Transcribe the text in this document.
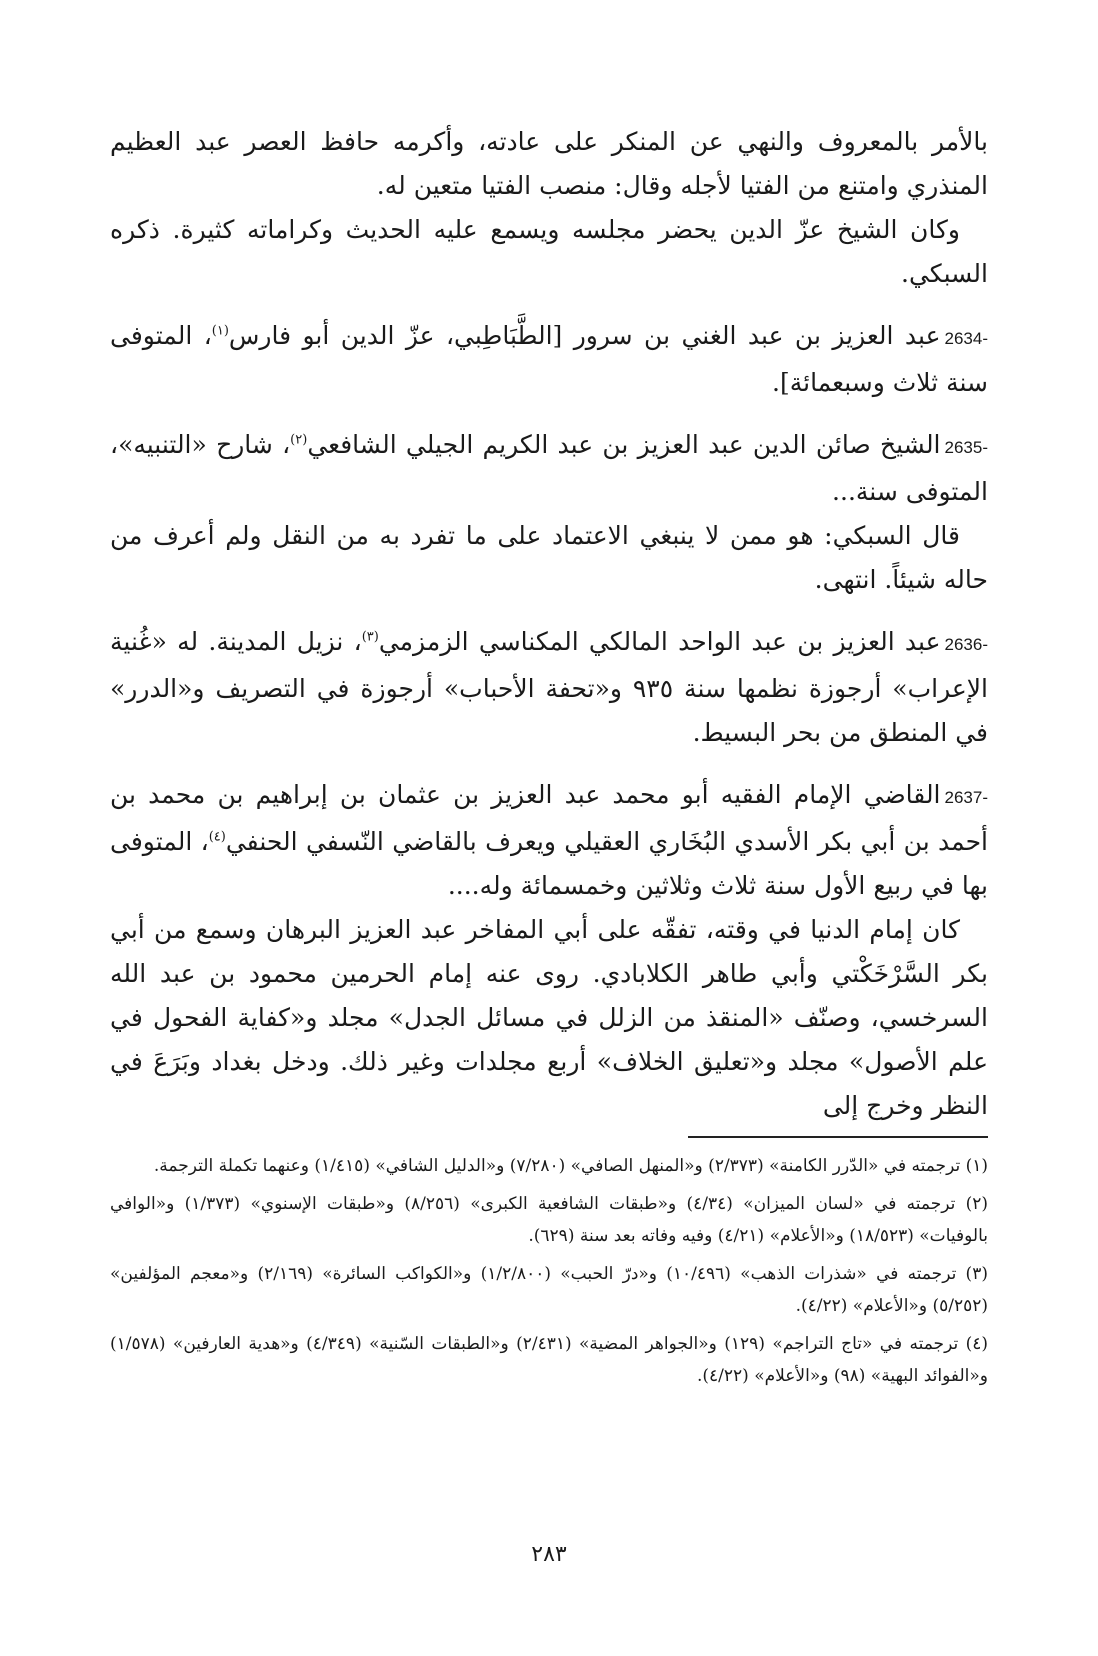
بالأمر بالمعروف والنهي عن المنكر على عادته، وأكرمه حافظ العصر عبد العظيم المنذري وامتنع من الفتيا لأجله وقال: منصب الفتيا متعين له.

وكان الشيخ عزّ الدين يحضر مجلسه ويسمع عليه الحديث وكراماته كثيرة. ذكره السبكي.

2634-عبد العزيز بن عبد الغني بن سرور [الطَّبَاطِبي، عزّ الدين أبو فارس$^{(١)}$، المتوفى سنة ثلاث وسبعمائة].

2635-الشيخ صائن الدين عبد العزيز بن عبد الكريم الجيلي الشافعي$^{(٢)}$، شارح «التنبيه»، المتوفى سنة...

قال السبكي: هو ممن لا ينبغي الاعتماد على ما تفرد به من النقل ولم أعرف من حاله شيئاً. انتهى.

2636-عبد العزيز بن عبد الواحد المالكي المكناسي الزمزمي$^{(٣)}$، نزيل المدينة. له «غُنية الإعراب» أرجوزة نظمها سنة ٩٣٥ و«تحفة الأحباب» أرجوزة في التصريف و«الدرر» في المنطق من بحر البسيط.

2637-القاضي الإمام الفقيه أبو محمد عبد العزيز بن عثمان بن إبراهيم بن محمد بن أحمد بن أبي بكر الأسدي البُخَاري العقيلي ويعرف بالقاضي النّسفي الحنفي$^{(٤)}$، المتوفى بها في ربيع الأول سنة ثلاث وثلاثين وخمسمائة وله....

كان إمام الدنيا في وقته، تفقّه على أبي المفاخر عبد العزيز البرهان وسمع من أبي بكر السَّرْخَكْتي وأبي طاهر الكلابادي. روى عنه إمام الحرمين محمود بن عبد الله السرخسي، وصنّف «المنقذ من الزلل في مسائل الجدل» مجلد و«كفاية الفحول في علم الأصول» مجلد و«تعليق الخلاف» أربع مجلدات وغير ذلك. ودخل بغداد وبَرَعَ في النظر وخرج إلى

(١) ترجمته في «الدّرر الكامنة» (٢/٣٧٣) و«المنهل الصافي» (٧/٢٨٠) و«الدليل الشافي» (١/٤١٥) وعنهما تكملة الترجمة.

(٢) ترجمته في «لسان الميزان» (٤/٣٤) و«طبقات الشافعية الكبرى» (٨/٢٥٦) و«طبقات الإسنوي» (١/٣٧٣) و«الوافي بالوفيات» (١٨/٥٢٣) و«الأعلام» (٤/٢١) وفيه وفاته بعد سنة (٦٢٩).

(٣) ترجمته في «شذرات الذهب» (١٠/٤٩٦) و«درّ الحبب» (١/٢/٨٠٠) و«الكواكب السائرة» (٢/١٦٩) و«معجم المؤلفين» (٥/٢٥٢) و«الأعلام» (٤/٢٢).

(٤) ترجمته في «تاج التراجم» (١٢٩) و«الجواهر المضية» (٢/٤٣١) و«الطبقات السّنية» (٤/٣٤٩) و«هدية العارفين» (١/٥٧٨) و«الفوائد البهية» (٩٨) و«الأعلام» (٤/٢٢).

٢٨٣
